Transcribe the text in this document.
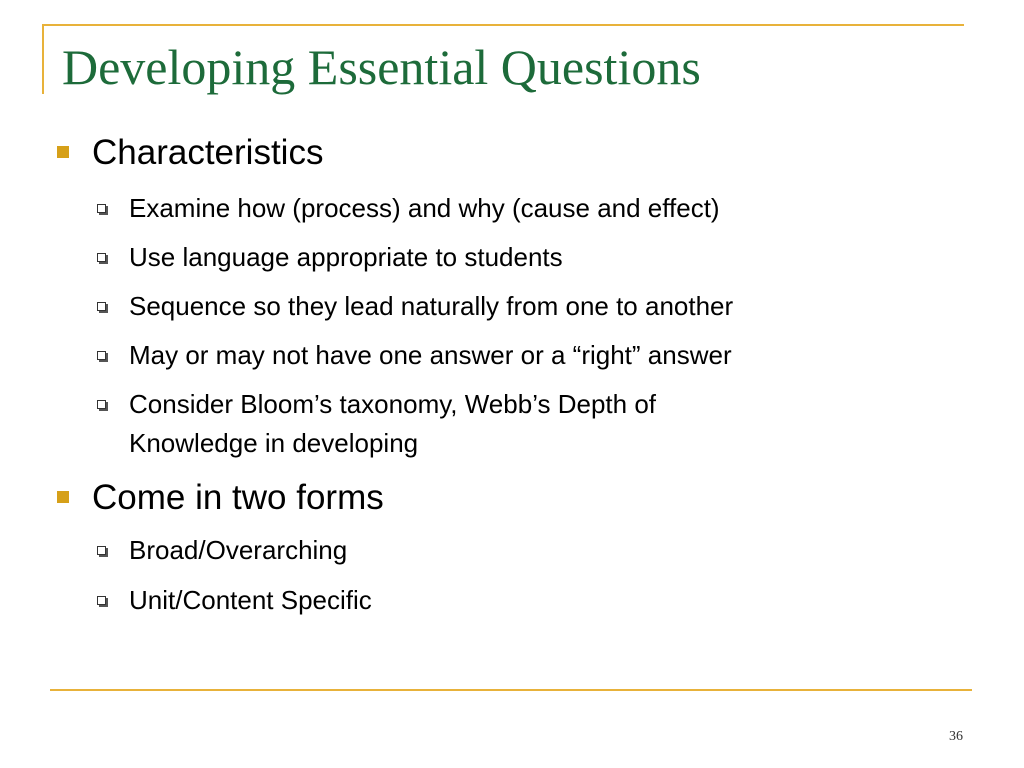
Developing Essential Questions
Characteristics
Examine how (process) and why (cause and effect)
Use language appropriate to students
Sequence so they lead naturally from one to another
May or may not have one answer or a “right” answer
Consider Bloom’s taxonomy, Webb’s Depth of
Knowledge in developing
Come in two forms
Broad/Overarching
Unit/Content Specific
36
